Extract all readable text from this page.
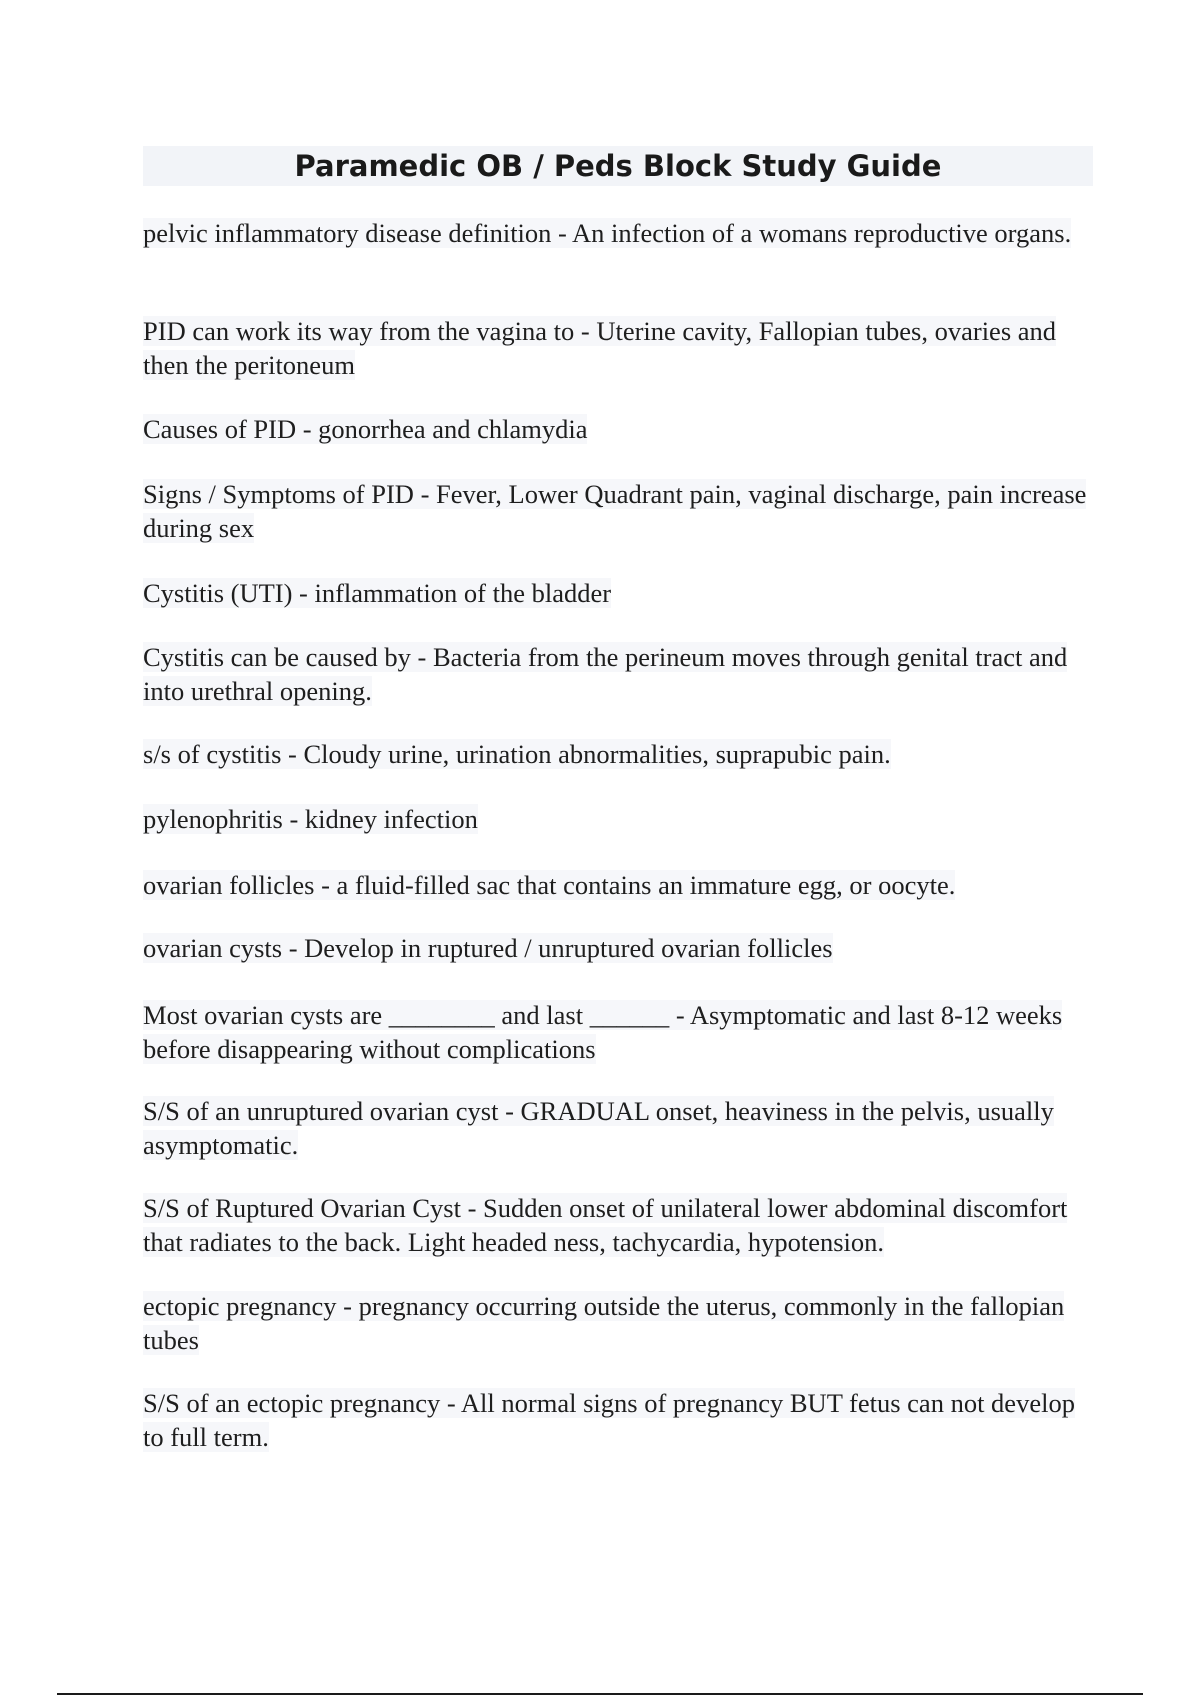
Paramedic OB / Peds Block Study Guide
pelvic inflammatory disease definition - An infection of a womans reproductive organs.
PID can work its way from the vagina to - Uterine cavity, Fallopian tubes, ovaries and then the peritoneum
Causes of PID - gonorrhea and chlamydia
Signs / Symptoms of PID - Fever, Lower Quadrant pain, vaginal discharge, pain increase during sex
Cystitis (UTI) - inflammation of the bladder
Cystitis can be caused by - Bacteria from the perineum moves through genital tract and into urethral opening.
s/s of cystitis - Cloudy urine, urination abnormalities, suprapubic pain.
pylenophritis - kidney infection
ovarian follicles - a fluid-filled sac that contains an immature egg, or oocyte.
ovarian cysts - Develop in ruptured / unruptured ovarian follicles
Most ovarian cysts are ________ and last ______ - Asymptomatic and last 8-12 weeks before disappearing without complications
S/S of an unruptured ovarian cyst - GRADUAL onset, heaviness in the pelvis, usually asymptomatic.
S/S of Ruptured Ovarian Cyst - Sudden onset of unilateral lower abdominal discomfort that radiates to the back. Light headed ness, tachycardia, hypotension.
ectopic pregnancy - pregnancy occurring outside the uterus, commonly in the fallopian tubes
S/S of an ectopic pregnancy - All normal signs of pregnancy BUT fetus can not develop to full term.
